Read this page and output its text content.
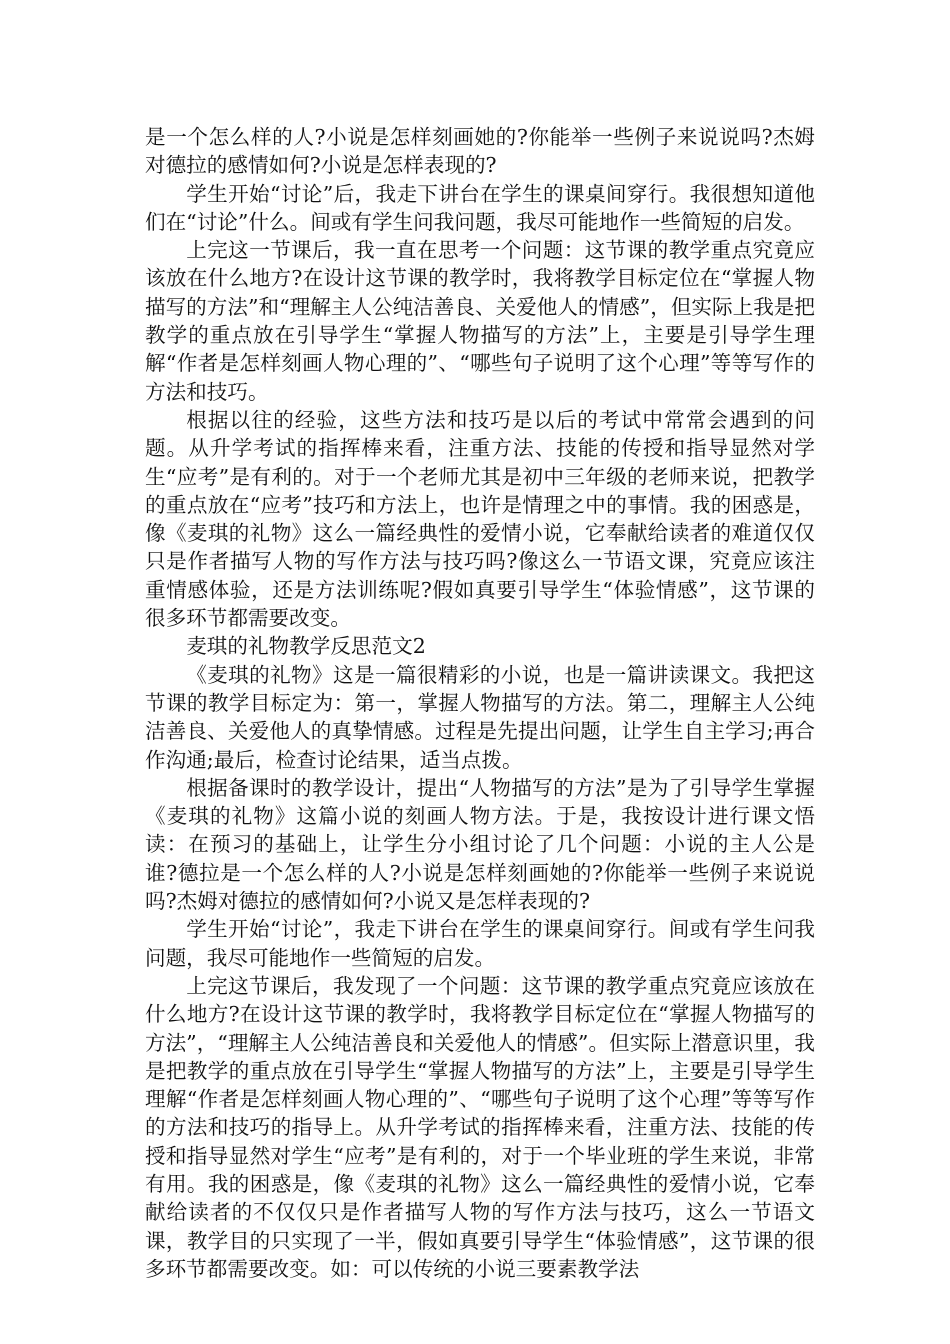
是一个怎么样的人?小说是怎样刻画她的?你能举一些例子来说说吗?杰姆对德拉的感情如何?小说是怎样表现的?

学生开始“讨论”后，我走下讲台在学生的课桌间穿行。我很想知道他们在“讨论”什么。间或有学生问我问题，我尽可能地作一些简短的启发。

上完这一节课后，我一直在思考一个问题：这节课的教学重点究竟应该放在什么地方?在设计这节课的教学时，我将教学目标定位在“掌握人物描写的方法”和“理解主人公纯洁善良、关爱他人的情感”，但实际上我是把教学的重点放在引导学生“掌握人物描写的方法”上，主要是引导学生理解“作者是怎样刻画人物心理的”、“哪些句子说明了这个心理”等等写作的方法和技巧。

根据以往的经验，这些方法和技巧是以后的考试中常常会遇到的问题。从升学考试的指挥棒来看，注重方法、技能的传授和指导显然对学生“应考”是有利的。对于一个老师尤其是初中三年级的老师来说，把教学的重点放在“应考”技巧和方法上，也许是情理之中的事情。我的困惑是，像《麦琪的礼物》这么一篇经典性的爱情小说，它奉献给读者的难道仅仅只是作者描写人物的写作方法与技巧吗?像这么一节语文课，究竟应该注重情感体验，还是方法训练呢?假如真要引导学生“体验情感”，这节课的很多环节都需要改变。

麦琪的礼物教学反思范文2

《麦琪的礼物》这是一篇很精彩的小说，也是一篇讲读课文。我把这节课的教学目标定为：第一，掌握人物描写的方法。第二，理解主人公纯洁善良、关爱他人的真挚情感。过程是先提出问题，让学生自主学习;再合作沟通;最后，检查讨论结果，适当点拨。

根据备课时的教学设计，提出“人物描写的方法”是为了引导学生掌握《麦琪的礼物》这篇小说的刻画人物方法。于是，我按设计进行课文悟读：在预习的基础上，让学生分小组讨论了几个问题：小说的主人公是谁?德拉是一个怎么样的人?小说是怎样刻画她的?你能举一些例子来说说吗?杰姆对德拉的感情如何?小说又是怎样表现的?

学生开始“讨论”，我走下讲台在学生的课桌间穿行。间或有学生问我问题，我尽可能地作一些简短的启发。

上完这节课后，我发现了一个问题：这节课的教学重点究竟应该放在什么地方?在设计这节课的教学时，我将教学目标定位在“掌握人物描写的方法”，“理解主人公纯洁善良和关爱他人的情感”。但实际上潜意识里，我是把教学的重点放在引导学生“掌握人物描写的方法”上，主要是引导学生理解“作者是怎样刻画人物心理的”、“哪些句子说明了这个心理”等等写作的方法和技巧的指导上。从升学考试的指挥棒来看，注重方法、技能的传授和指导显然对学生“应考”是有利的，对于一个毕业班的学生来说，非常有用。我的困惑是，像《麦琪的礼物》这么一篇经典性的爱情小说，它奉献给读者的不仅仅只是作者描写人物的写作方法与技巧，这么一节语文课，教学目的只实现了一半，假如真要引导学生“体验情感”，这节课的很多环节都需要改变。如：可以传统的小说三要素教学法
